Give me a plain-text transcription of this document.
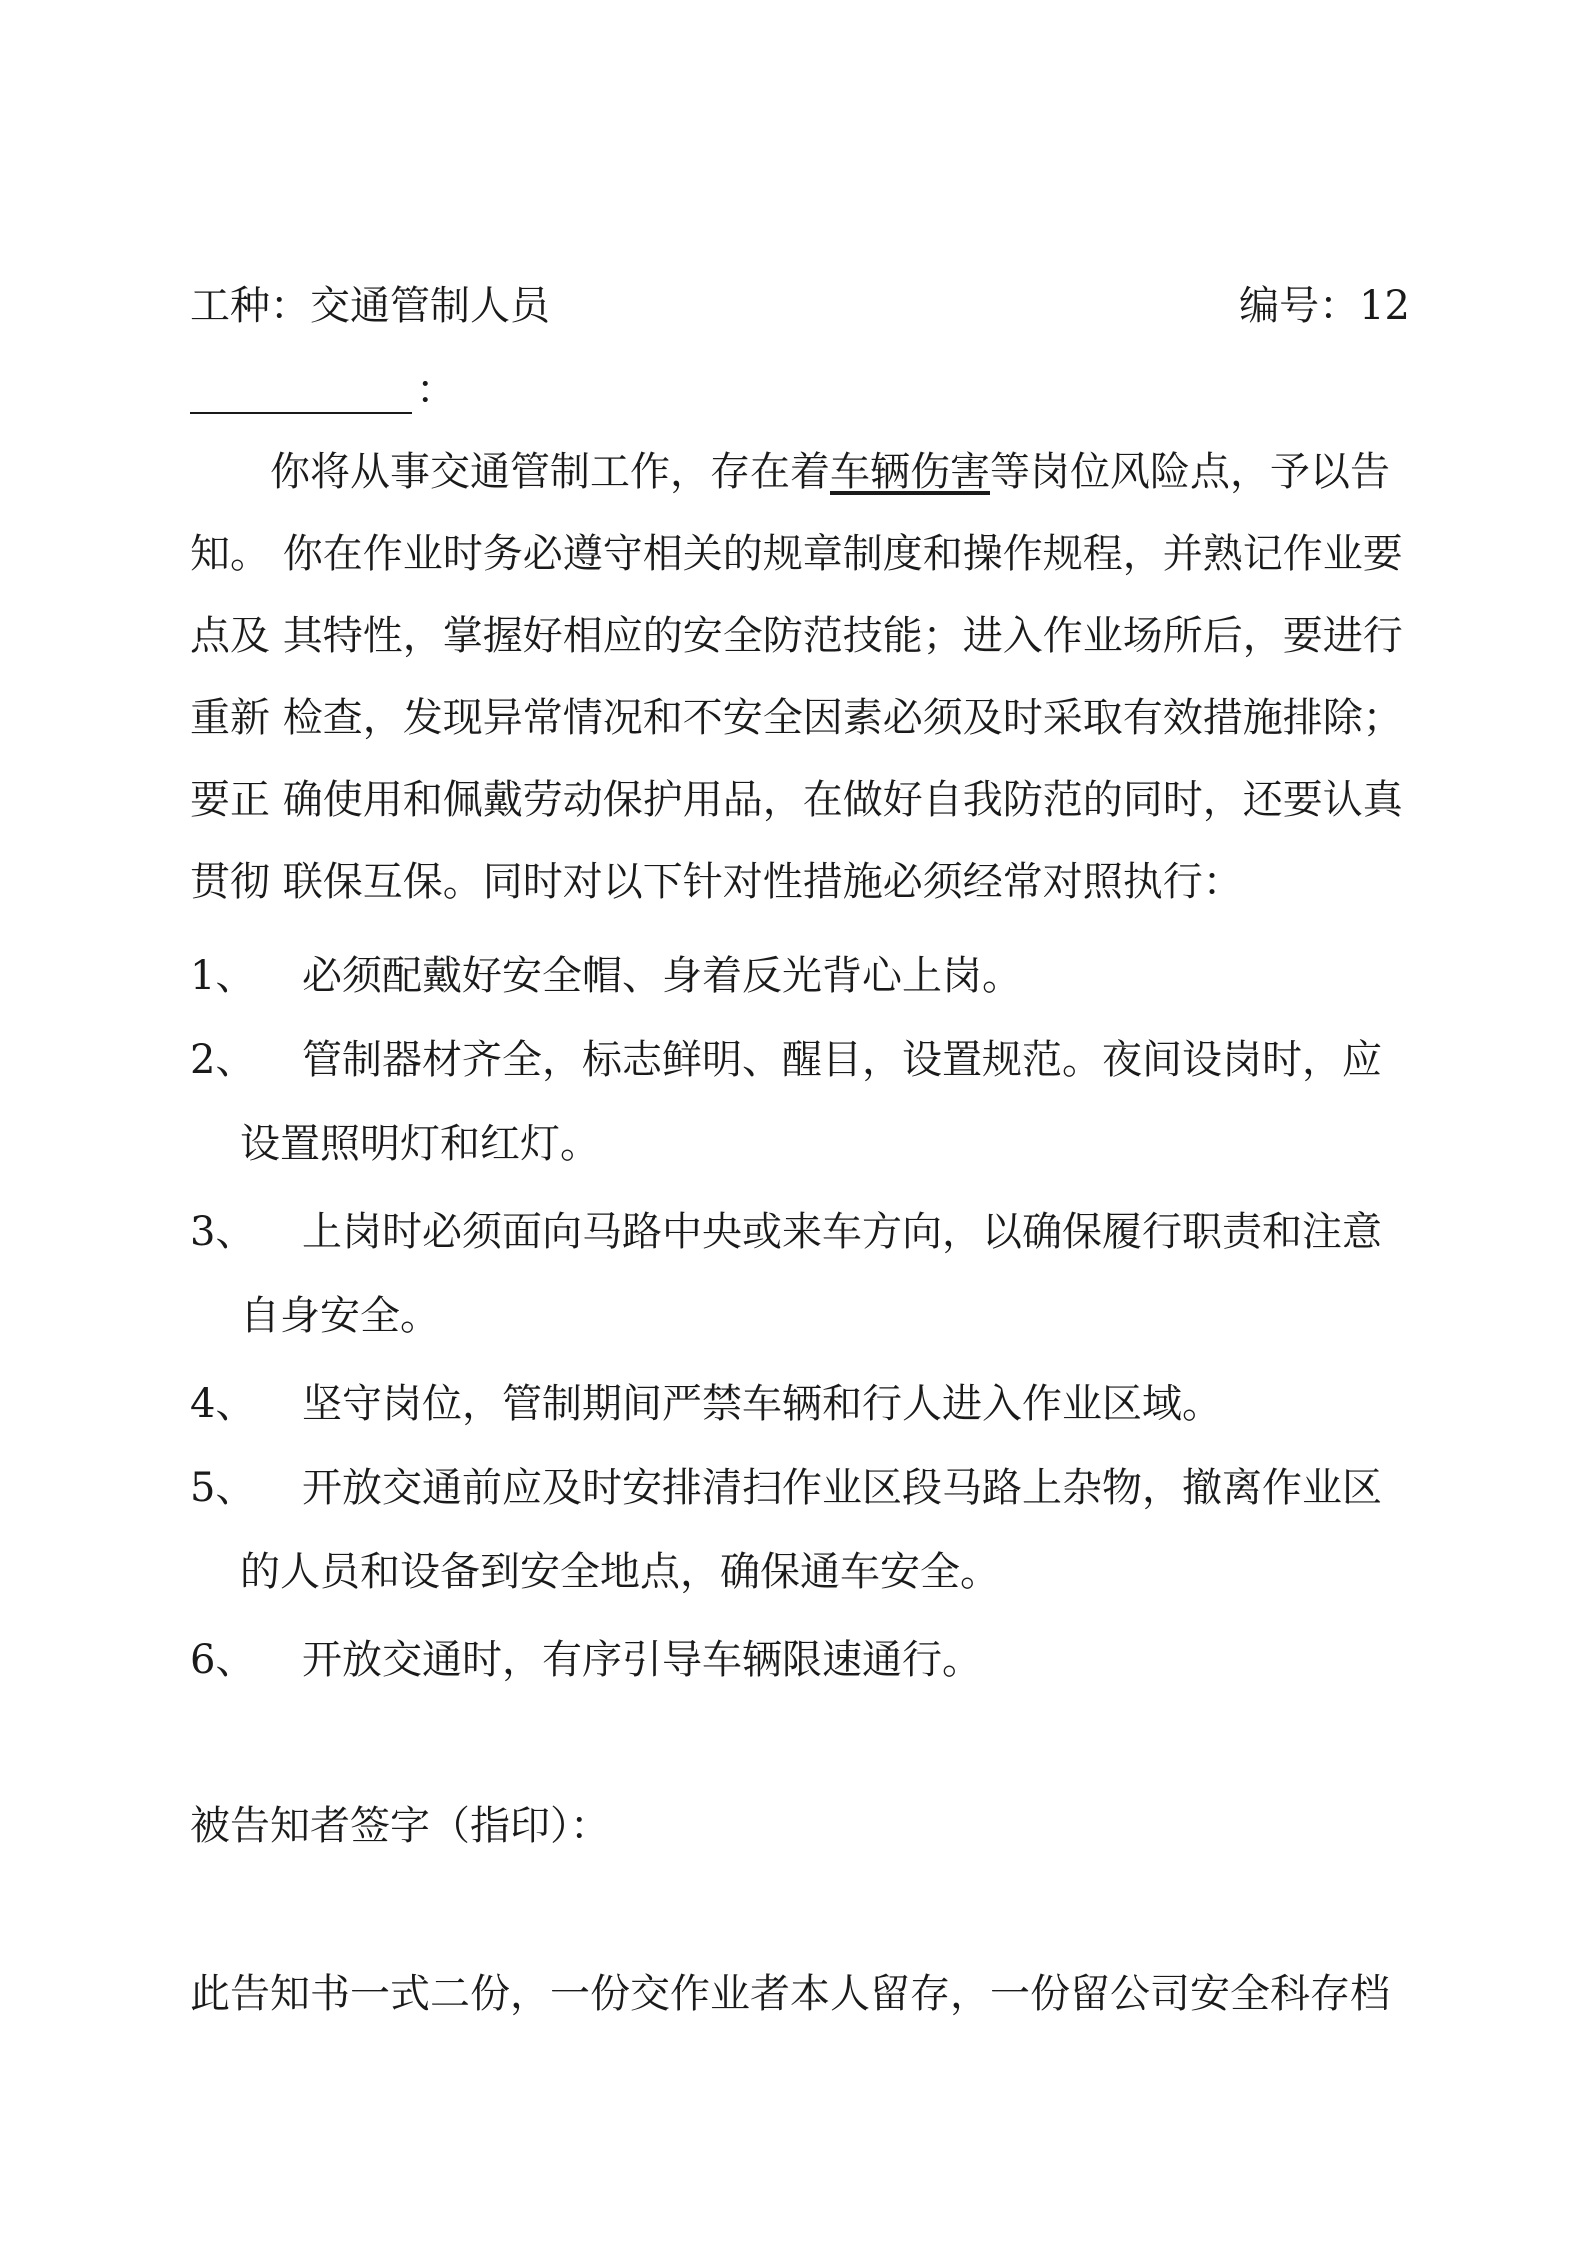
工种：交通管制人员	编号：12
：
你将从事交通管制工作，存在着车辆伤害等岗位风险点，予以告
知。 你在作业时务必遵守相关的规章制度和操作规程，并熟记作业要
点及 其特性，掌握好相应的安全防范技能；进入作业场所后，要进行
重新 检查，发现异常情况和不安全因素必须及时采取有效措施排除；
要正 确使用和佩戴劳动保护用品，在做好自我防范的同时，还要认真
贯彻 联保互保。同时对以下针对性措施必须经常对照执行：
1、 必须配戴好安全帽、身着反光背心上岗。
2、 管制器材齐全，标志鲜明、醒目，设置规范。夜间设岗时，应
设置照明灯和红灯。
3、 上岗时必须面向马路中央或来车方向，以确保履行职责和注意
自身安全。
4、 坚守岗位，管制期间严禁车辆和行人进入作业区域。
5、 开放交通前应及时安排清扫作业区段马路上杂物，撤离作业区
的人员和设备到安全地点，确保通车安全。
6、 开放交通时，有序引导车辆限速通行。
被告知者签字（指印）：
此告知书一式二份，一份交作业者本人留存，一份留公司安全科存档
